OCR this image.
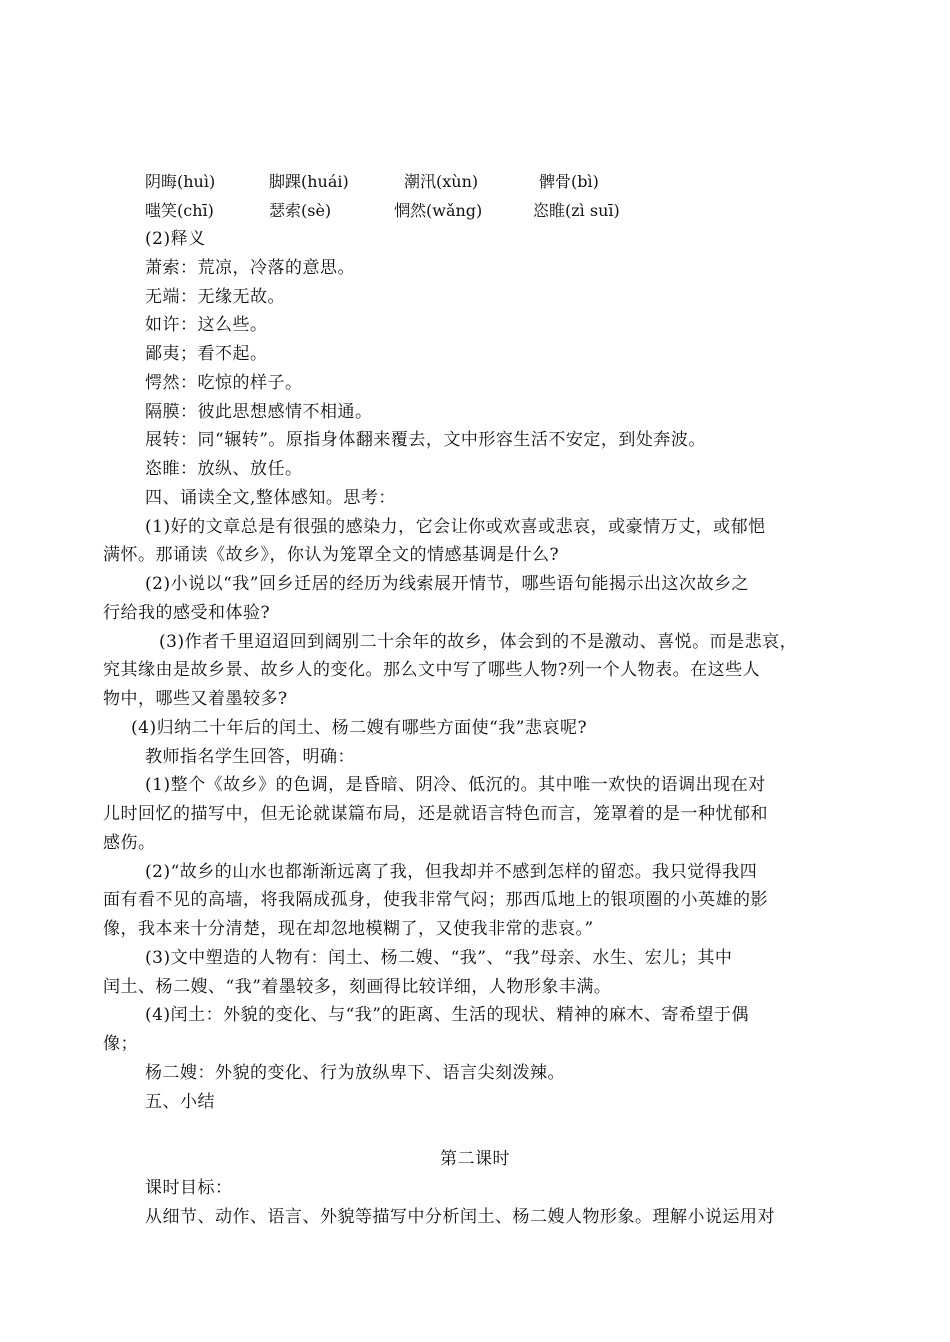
阴晦(huì)	脚踝(huái)	潮汛(xùn)	髀骨(bì)
嗤笑(chī)	瑟索(sè)	惘然(wǎng)	恣睢(zì suī)
(2)释义
萧索：荒凉，冷落的意思。
无端：无缘无故。
如许：这么些。
鄙夷；看不起。
愕然：吃惊的样子。
隔膜：彼此思想感情不相通。
展转：同“辗转”。原指身体翻来覆去，文中形容生活不安定，到处奔波。
恣睢：放纵、放任。
四、诵读全文,整体感知。思考：
(1)好的文章总是有很强的感染力，它会让你或欢喜或悲哀，或豪情万丈，或郁悒
满怀。那诵读《故乡》，你认为笼罩全文的情感基调是什么?
(2)小说以“我”回乡迁居的经历为线索展开情节，哪些语句能揭示出这次故乡之
行给我的感受和体验?
(3)作者千里迢迢回到阔别二十余年的故乡，体会到的不是激动、喜悦。而是悲哀，
究其缘由是故乡景、故乡人的变化。那么文中写了哪些人物?列一个人物表。在这些人
物中，哪些又着墨较多?
(4)归纳二十年后的闰土、杨二嫂有哪些方面使“我”悲哀呢?
教师指名学生回答，明确：
(1)整个《故乡》的色调，是昏暗、阴冷、低沉的。其中唯一欢快的语调出现在对
儿时回忆的描写中，但无论就谋篇布局，还是就语言特色而言，笼罩着的是一种忧郁和
感伤。
(2)“故乡的山水也都渐渐远离了我，但我却并不感到怎样的留恋。我只觉得我四
面有看不见的高墙，将我隔成孤身，使我非常气闷；那西瓜地上的银项圈的小英雄的影
像，我本来十分清楚，现在却忽地模糊了，又使我非常的悲哀。”
(3)文中塑造的人物有：闰土、杨二嫂、“我”、“我”母亲、水生、宏儿；其中
闰土、杨二嫂、“我”着墨较多，刻画得比较详细，人物形象丰满。
(4)闰土：外貌的变化、与“我”的距离、生活的现状、精神的麻木、寄希望于偶
像；
杨二嫂：外貌的变化、行为放纵卑下、语言尖刻泼辣。
五、小结
第二课时
课时目标：
从细节、动作、语言、外貌等描写中分析闰土、杨二嫂人物形象。理解小说运用对
